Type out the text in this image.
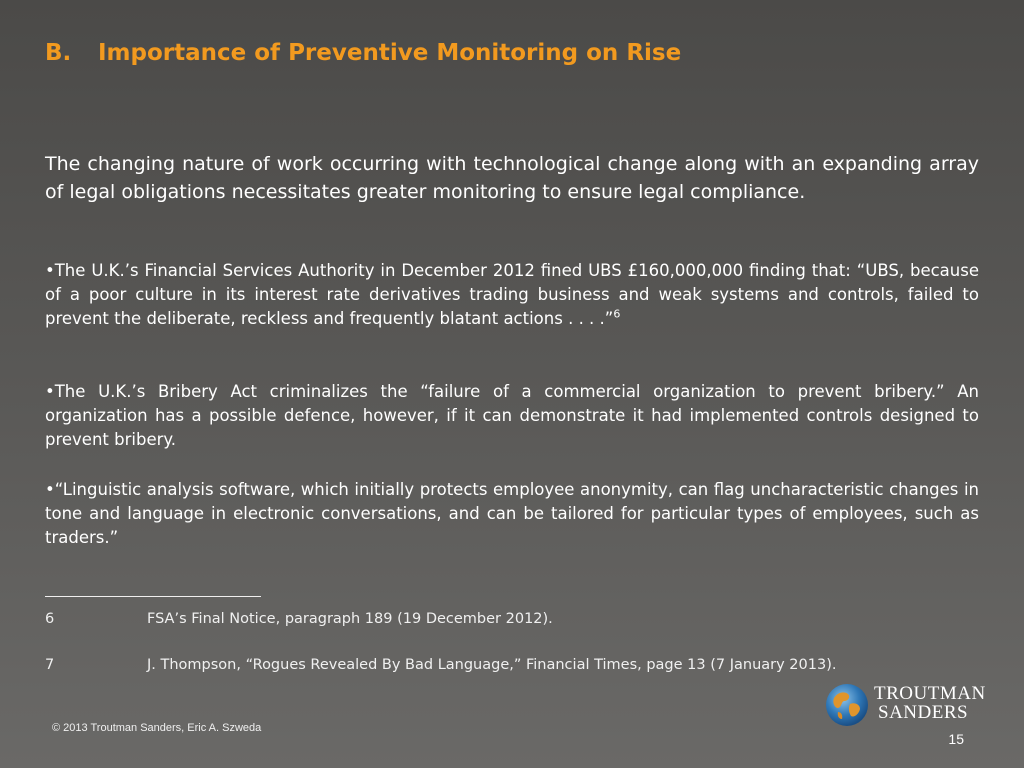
B. Importance of Preventive Monitoring on Rise
The changing nature of work occurring with technological change along with an expanding array of legal obligations necessitates greater monitoring to ensure legal compliance.
•The U.K.’s Financial Services Authority in December 2012 fined UBS £160,000,000 finding that: “UBS, because of a poor culture in its interest rate derivatives trading business and weak systems and controls, failed to prevent the deliberate, reckless and frequently blatant actions . . . .”$^6$
•The U.K.’s Bribery Act criminalizes the “failure of a commercial organization to prevent bribery.” An organization has a possible defence, however, if it can demonstrate it had implemented controls designed to prevent bribery.
•“Linguistic analysis software, which initially protects employee anonymity, can flag uncharacteristic changes in tone and language in electronic conversations, and can be tailored for particular types of employees, such as traders.”
6	FSA’s Final Notice, paragraph 189 (19 December 2012).
7	J. Thompson, “Rogues Revealed By Bad Language,” Financial Times, page 13 (7 January 2013).
© 2013 Troutman Sanders, Eric A. Szweda
TROUTMAN
SANDERS
15
